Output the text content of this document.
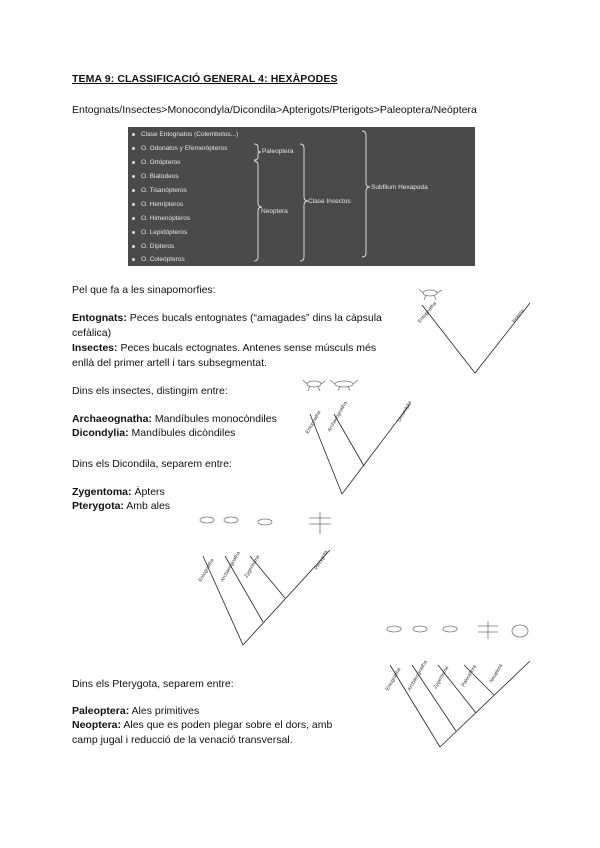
TEMA 9: CLASSIFICACIÓ GENERAL 4: HEXÀPODES
Entognats/Insectes>Monocondyla/Dicondila>Apterigots/Pterigots>Paleoptera/Neòptera
Clase Entognatos (Colembolos...)
O. Odonatos y Efemerópteros
O. Ortópteros
O. Blatodeos
O. Tisanópteros
O. Hemípteros
O. Himenópteros
O. Lepidópteros
O. Dípteros
O. Coleópteros
Paleoptera
Neoptera
Clase Insectos
Subfilum Hexapoda
Pel que fa a les sinapomorfies:
Entognats: Peces bucals entognates (“amagades” dins la càpsula
cefàlica)
Insectes: Peces bucals ectognates. Antenes sense músculs més
enllà del primer artell i tars subsegmentat.
Dins els insectes, distingim entre:
Archaeognatha: Mandíbules monocòndiles
Dicondylia: Mandíbules dicòndiles
Dins els Dicondila, separem entre:
Zygentoma: Àpters
Pterygota: Amb ales
Dins els Pterygota, separem entre:
Paleoptera: Ales primitives
Neoptera: Ales que es poden plegar sobre el dors, amb
camp jugal i reducció de la venació transversal.
Entognatha	Insecta
Entognatha Archaeognatha	Dicondylia
Entognatha Archaeognatha Zygentoma	Pterygota
Entognatha Archaeognatha Zygentoma Paleoptera Neoptera
